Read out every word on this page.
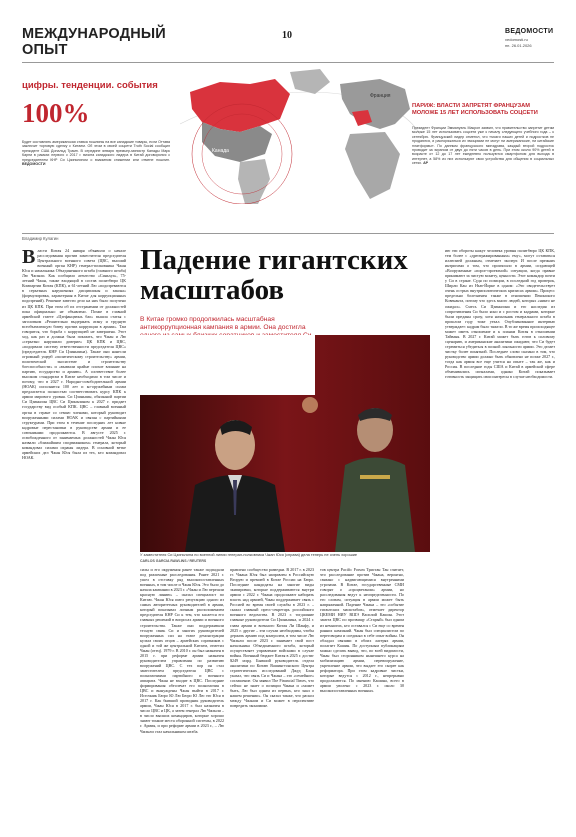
МЕЖДУНАРОДНЫЙ ОПЫТ
10	ВЕДОМОСТИ
vedomosti.ru
пн. 26.01.2026
цифры. тенденции. события
Франция
Канада
100%
Будет составлять американская ставка пошлины на все канадские товары, если Оттава заключит торговую сделку с Китаем. Об этом в своей соцсети Truth Social сообщил президент США Дональд Трамп. В середине января премьер-министр Канады Марк Карни в рамках первого с 2017 г. визита канадского лидера в Китай договорился с председателем КНР Си Цзиньпином о взаимном снижении или отмене пошлин. ВЕДОМОСТИ
ПАРИЖ: ВЛАСТИ ЗАПРЕТЯТ ФРАНЦУЗАМ МОЛОЖЕ 15 ЛЕТ ИСПОЛЬЗОВАТЬ СОЦСЕТИ
Президент Франции Эммануэль Макрон заявил, что правительство запретит детям моложе 15 лет использовать соцсети уже к началу следующего учебного года – к сентябрю. Французский лидер отметил, что «мозги наших детей и подростков не продаются, и распоряжаться их эмоциями не могут ни американские, ни китайские платформы». По данным французского минздрава, каждый второй подросток проводит за экраном от двух до пяти часов в день. При этом около 90% детей в возрасте от 12 до 17 лет ежедневно пользуются смартфоном для выхода в интернет, а 58% из них используют свои устройства для общения в социальных сетях. AP
Владимир Кулагин
В ласти Китая 24 января объявили о начале расследования против заместителя председателя Центрального военного совета (ЦВС, высший военный орган КНР) генерал-полковника Чжан Юся и начальника Объединенного штаба (главного штаба) Лю Чжэнли. Как сообщило агентство «Синьхуа», 75-летний Чжан, также входящий в состав политбюро ЦК Компартии Китая (КПК), и 61-летний Лю «подозреваются в серьезных нарушениях дисциплины и закона» (формулировка, характерная в Китае для коррупционных подозрений). Решение завести дело на них было получено из ЦК КПК. При этом об их отстранении от должностей пока официально не объявлено. Позже в главной армейской газете «Цзефанцзюнь бао» вышла статья с заголовком «Решительно выдержать атаку и трудную всеобъемлющую битву против коррупции в армии». Там говорится, что борьба с коррупцией не завершена. Этот ход, как раз и должна была показать, что Чжан и Лю «серьезно нарушили доверие» ЦК КПК и ЦВС, «подорвали систему ответственности председателя ЦВС» (председатель КНР Си Цзиньпина). Также они нанесли огромный ущерб «политическому строительству» армии, политической экосистеме и строительству боеспособности» и «вызвали крайне плохое влияние на партию, государство и армию». А соответствие более высоким стандартам в Китае необходимо в том числе и потому, что в 2027 г. Народно-освободительной армии (НОАК) исполнится 100 лет и ко-оружейным силам предлагается полностью соответствовать курсу КПК к армии мирового уровня. Си Цзиньпин, обязанной партии Си Цзиньпин ЦВС Си Цзиньпином к 2027 г. придает государству вид особый КПК. ЦВС – главный военный орган в стране со семью членами, который руководит вооруженными силами НОАК и связан с партийными структурами. При этом в течение последних лет новые кадровые перестановки в руководстве армии и ее союзниками продолжаются. В августе 2025 г. освобожденного от занимаемых должностей Чжан Юся назвали «ближайшим сподвижником» генерала, который командовал силами охраны лидера. В основной ветке армейских дел Чжан Юся была из тех, кто командовал НОАК.
Падение гигантских масштабов
В Китае громко продолжилась масштабная антикоррупционная кампания в армии. Она достигла
У заместителя Си Цзиньпина по военной линии генерал-полковника Чжан Юся (справа) дела теперь не очень хорошие
CARLOS GARCIA RAWLINS / REUTERS
силы и его окружения ранее также подпадали под различные расследования. Ранее 2021 г. ушел в отставку ряд высокопоставленных военных, в том числе и Чжан Юся. Это было до начала кампании в 2023 г. «Чжан и Лю перешли красную линию» – сказал специалист по Китаю. Чжан Юся имел репутацию одного из самых авторитетных руководителей в армии, который показывал личным расположением председателя КНР Си к тем, что касается его главных решений в вопросах армии и военного строительства. Также они поддерживали тесную связь Си и многих руководителей вооруженных сил на этапе демонстрации культа своих отцов – армейских соратников с одной и той же центральной Китаем, отметил Чжан (отец). 1979 г. В 2010 г. он был назначен в 2015 г. при реформе армии назначен руководителем управления по развитию вооружений ЦВС. С тех пор он стал заместителем председателя ЦВС с полномочиями партийного и военного аппарата. Чжан не входит в ЦВС. Последние формирования обеспечат его полномочия в ЦВС и вынуждены Чжан выйти в 2017 г. Источник Бюро Ю Лю Бюро Ю Лю это Юся в 2017 г. Как бывший проводник руководитель армии, Чжан Юся в 2017 г. был назначен в число ЦВС и ЦК, а затем генерал Лю Чжэнли – в число высших командиров, которые хорошо знают тонкие места оборонной системы, в 2022 г. Армия, и при реформе армии в 2023 г., – Лю Чжэнли стал начальником штаба.
правлено сообщество разведки. В 2017 г. в 2023 гг. Чжана Юся был направлен в Российскую Вторую и премией в Китае России на Бюро. Последние кандидаты на многие виды экипировки, которые поддерживаются внутри армии с 2022 г. Чжана продолжают набирать власть над армией, Чжан поддерживает связь с Россией во время своей службы в 2023 г. – сказал главный пресс-секретарь российского военного ведомства. В 2023 г. тогдашние главные руководители Си Цзиньпина, и 2024 г. глава армии и военного Китая Ли Шанфу, и 2025 г. другие – эти случаи необходимы, чтобы держать армию под контролем, в том числе Лю Чжэнли после 2023 г. занимает свой пост начальника Объединенного штаба, который осуществляет управление войсками в случае войны. Военный бюджет Китая в 2025 г. достиг $249 млрд. Бывший руководитель отдела аналитики по Китаю Вашингтонского Центра стратегических исследований Джуд Блан указал, что связь Си и Чжана – это «семейное» соглашение. Он заявил The Financial Times, что сейчас не знает о позиции Чжана и «может быть, Лю был одним из первых, кто знал о нашем решении». Он сказал также, что раскол между Чжаном и Си может в перспективе повредить экономике.
тов центра Pacific Forum Тристан Тан считает, что расследование против Чжана, вероятно, связано с надвигающимися внутренними угрозами. В Китае, государственные СМИ говорят о «процветании» армии, но расследования ведут к неопределенности. По его словам, ситуация в армии может быть напряженной. Падение Чжана – это «событие гигантских масштабов», отмечает директор ЦКЕМИ НИУ ВШЭ Василий Кашин. Этот замгеа ЦВС по прозвищу «Старый» был одним из немногих, кто оставался с Си еще со времен ранних кампаний. Чжан был специалистом по переговорам и соединял в себе опыт войны. Он обладал связями в обоих лагерях армии, полагает Кашин. По доступным публикациям можно сделать вывод, что, по всей видимости, Чжан был сторонником нынешнего курса на мобилизацию армии, перевооружение, укрепление армии, что выдает его скорее как реформатора. При этом кадровые чистки, которые ведутся с 2012 г., непрерывно продолжаются. По мнению Кашина, всего в армии уволено с 2023 г. около 30 высокопоставленных военных.
ию эти обороты кажут человека уровня политбюро ЦК КПК, тем более с «дрептражированным» ему», могут оставаться иллюзией должным, отмечает эксперт. И после прежних интригами о том, что произошло в армии, создающей «Вооруженные «порог-проектной» ситуации, когда правые принимают за чистую монету, ценности. Этот командир почти у Си в стране. Судя по позиции, в последний год проверок, Ширли Кан из Нью-Йорке в одном: «Это свидетельствует очень острых внутриполитических кризисах армии». Процесс предельно болезненен также в отношении Пекинского Ковенанта, потому что здесь много людей, которых «никто не ожидал». Смесь Си Цзиньпина и его наследия из сопротивления Си было ясно и с ростом и кадрами, которые были преданы сразу, хотя начальник генерального штаба в прошлом году тоже уехал. Опубликованное интервью утверждает: кадрам было тяжело. В то же время происходящее может иметь отношение и к планам Китая в отношении Тайваня. В 2027 г. Китай может быть готов к силовому сценарию, и американские аналитики ожидают, что Си будет стремиться убедиться в полной лояльности армии. Это делает чистку более понятной. Последнее слово сказано в том, что руководство армии должно быть обновлено не позже 2027 г., тогда как армия все еще учится на опыте – так же, как и Россия. В последние годы США и Китай в армейской сфере обменивались сигналами, однако Китай показывает готовность защищать свои интересы в случае необходимости.
